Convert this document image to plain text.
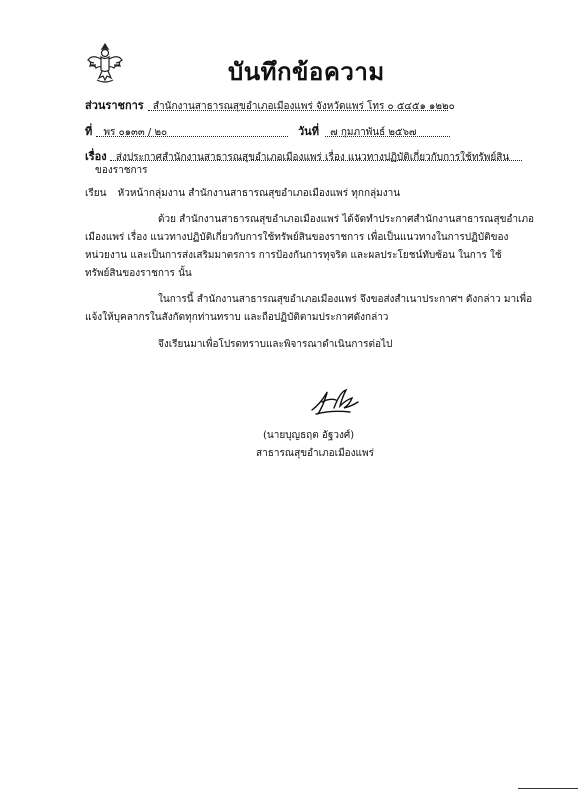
บันทึกข้อความ
ส่วนราชการ สำนักงานสาธารณสุขอำเภอเมืองแพร่ จังหวัดแพร่ โทร ๐ ๕๔๕๑ ๑๒๒๐
ที่ พร ๐๑๓๓ / ๒๐	วันที่ ๗ กุมภาพันธ์ ๒๕๖๗
เรื่อง ส่งประกาศสำนักงานสาธารณสุขอำเภอเมืองแพร่ เรื่อง แนวทางปฏิบัติเกี่ยวกับการใช้ทรัพย์สิน
ของราชการ
เรียน หัวหน้ากลุ่มงาน สำนักงานสาธารณสุขอำเภอเมืองแพร่ ทุกกลุ่มงาน
ด้วย สำนักงานสาธารณสุขอำเภอเมืองแพร่ ได้จัดทำประกาศสำนักงานสาธารณสุขอำเภอ
เมืองแพร่ เรื่อง แนวทางปฏิบัติเกี่ยวกับการใช้ทรัพย์สินของราชการ เพื่อเป็นแนวทางในการปฏิบัติของ
หน่วยงาน และเป็นการส่งเสริมมาตรการ การป้องกันการทุจริต และผลประโยชน์ทับซ้อน ในการ ใช้
ทรัพย์สินของราชการ นั้น
ในการนี้ สำนักงานสาธารณสุขอำเภอเมืองแพร่ จึงขอส่งสำเนาประกาศฯ ดังกล่าว มาเพื่อ
แจ้งให้บุคลากรในสังกัดทุกท่านทราบ และถือปฏิบัติตามประกาศดังกล่าว
จึงเรียนมาเพื่อโปรดทราบและพิจารณาดำเนินการต่อไป
(นายบุญธฤต อัฐวงศ์)
สาธารณสุขอำเภอเมืองแพร่
